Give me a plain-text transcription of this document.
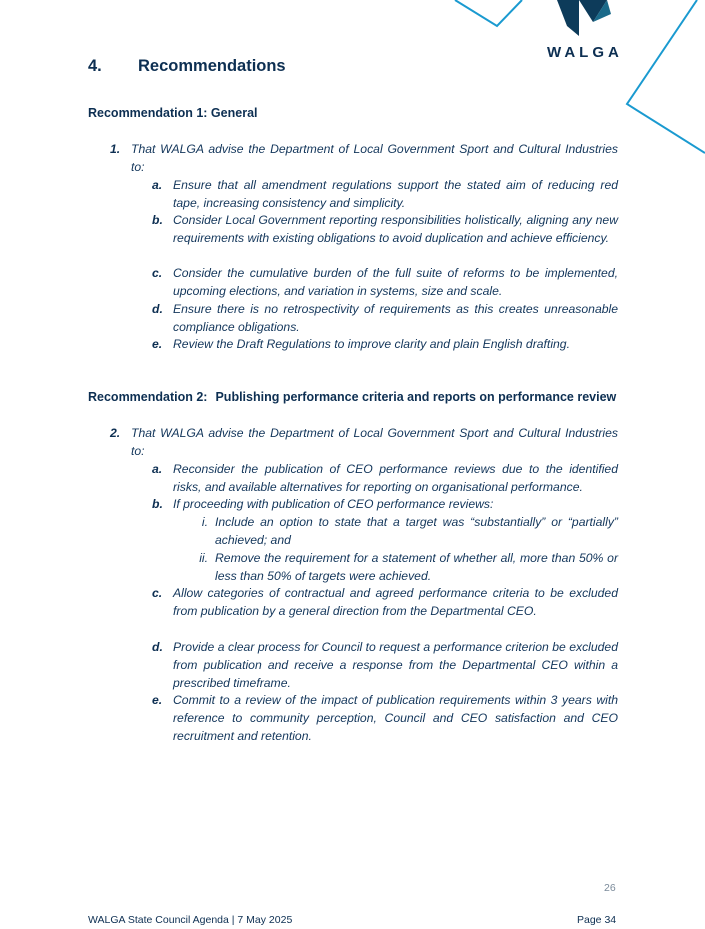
WALGA
4. Recommendations
Recommendation 1: General
1. That WALGA advise the Department of Local Government Sport and Cultural Industries to:
a. Ensure that all amendment regulations support the stated aim of reducing red tape, increasing consistency and simplicity.
b. Consider Local Government reporting responsibilities holistically, aligning any new requirements with existing obligations to avoid duplication and achieve efficiency.
c. Consider the cumulative burden of the full suite of reforms to be implemented, upcoming elections, and variation in systems, size and scale.
d. Ensure there is no retrospectivity of requirements as this creates unreasonable compliance obligations.
e. Review the Draft Regulations to improve clarity and plain English drafting.
Recommendation 2: Publishing performance criteria and reports on performance review
2. That WALGA advise the Department of Local Government Sport and Cultural Industries to:
a. Reconsider the publication of CEO performance reviews due to the identified risks, and available alternatives for reporting on organisational performance.
b. If proceeding with publication of CEO performance reviews:
i. Include an option to state that a target was “substantially” or “partially” achieved; and
ii. Remove the requirement for a statement of whether all, more than 50% or less than 50% of targets were achieved.
c. Allow categories of contractual and agreed performance criteria to be excluded from publication by a general direction from the Departmental CEO.
d. Provide a clear process for Council to request a performance criterion be excluded from publication and receive a response from the Departmental CEO within a prescribed timeframe.
e. Commit to a review of the impact of publication requirements within 3 years with reference to community perception, Council and CEO satisfaction and CEO recruitment and retention.
26
WALGA State Council Agenda | 7 May 2025	Page 34
